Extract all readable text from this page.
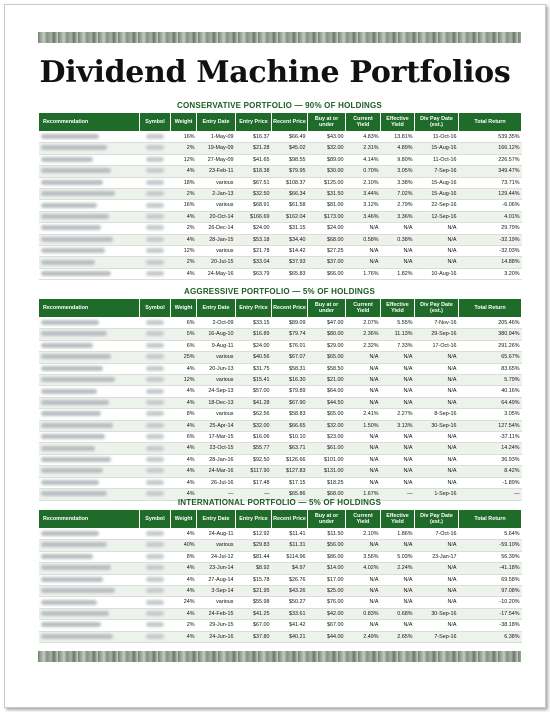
Dividend Machine Portfolios
CONSERVATIVE PORTFOLIO — 90% OF HOLDINGS
Recommendation	Symbol	Weight	Entry Date	Entry Price	Recent Price	Buy at or under	Current Yield	Effective Yield	Div Pay Date (est.)	Total Return
		16%	1-May-09	$16.37	$66.49	$43.00	4.83%	13.81%	11-Oct-16	539.35%
		2%	19-May-09	$21.28	$45.02	$32.00	2.31%	4.89%	15-Aug-16	166.12%
		12%	27-May-09	$41.65	$98.55	$89.00	4.14%	9.80%	11-Oct-16	226.57%
		4%	23-Feb-11	$18.38	$79.95	$30.00	0.70%	3.05%	7-Sep-16	349.47%
		18%	various	$67.51	$108.37	$125.00	2.10%	3.38%	15-Aug-16	73.71%
		2%	2-Jan-13	$32.50	$66.34	$31.50	3.44%	7.02%	15-Aug-16	129.44%
		16%	various	$68.91	$61.58	$81.00	3.12%	2.79%	22-Sep-16	-6.06%
		4%	20-Oct-14	$166.69	$162.04	$173.00	3.46%	3.36%	12-Sep-16	4.01%
		2%	26-Dec-14	$24.00	$31.15	$24.00	N/A	N/A	N/A	29.79%
		4%	28-Jan-15	$53.18	$34.40	$68.00	0.58%	0.38%	N/A	-32.19%
		12%	various	$21.78	$14.42	$27.25	N/A	N/A	N/A	-32.03%
		2%	20-Jul-15	$33.04	$37.93	$37.00	N/A	N/A	N/A	14.88%
		4%	24-May-16	$63.79	$65.83	$66.00	1.76%	1.82%	10-Aug-16	3.20%
AGGRESSIVE PORTFOLIO — 5% OF HOLDINGS
Recommendation	Symbol	Weight	Entry Date	Entry Price	Recent Price	Buy at or under	Current Yield	Effective Yield	Div Pay Date (est.)	Total Return
		6%	2-Oct-09	$33.15	$89.09	$47.00	2.07%	5.55%	7-Nov-16	205.46%
		5%	16-Aug-10	$16.89	$79.74	$80.00	2.36%	11.13%	29-Sep-16	380.94%
		6%	9-Aug-11	$24.00	$76.01	$29.00	2.32%	7.33%	17-Oct-16	291.26%
		25%	various	$40.56	$67.07	$65.00	N/A	N/A	N/A	65.67%
		4%	20-Jun-13	$31.75	$58.31	$58.50	N/A	N/A	N/A	83.65%
		12%	various	$15.41	$16.30	$21.00	N/A	N/A	N/A	5.79%
		4%	24-Sep-13	$57.00	$79.89	$64.00	N/A	N/A	N/A	40.16%
		4%	18-Dec-13	$41.28	$67.90	$44.50	N/A	N/A	N/A	64.49%
		8%	various	$62.56	$58.83	$65.00	2.41%	2.27%	8-Sep-16	3.05%
		4%	25-Apr-14	$32.00	$66.65	$32.00	1.50%	3.13%	30-Sep-16	127.54%
		6%	17-Mar-15	$16.06	$10.10	$23.00	N/A	N/A	N/A	-37.11%
		4%	23-Oct-15	$55.77	$63.71	$61.00	N/A	N/A	N/A	14.24%
		4%	28-Jan-16	$92.50	$126.66	$101.00	N/A	N/A	N/A	36.93%
		4%	24-Mar-16	$117.90	$127.83	$131.00	N/A	N/A	N/A	8.42%
		4%	26-Jul-16	$17.48	$17.15	$18.25	N/A	N/A	N/A	-1.89%
		4%	—	—	$65.86	$68.00	1.67%	—	1-Sep-16	—
INTERNATIONAL PORTFOLIO — 5% OF HOLDINGS
Recommendation	Symbol	Weight	Entry Date	Entry Price	Recent Price	Buy at or under	Current Yield	Effective Yield	Div Pay Date (est.)	Total Return
		4%	24-Aug-11	$12.92	$11.41	$11.50	2.10%	1.86%	7-Oct-16	5.64%
		40%	various	$29.83	$11.31	$56.00	N/A	N/A	N/A	-59.10%
		8%	24-Jul-12	$81.44	$114.96	$86.00	3.56%	5.03%	23-Jan-17	56.39%
		4%	23-Jun-14	$8.92	$4.97	$14.00	4.02%	2.24%	N/A	-41.18%
		4%	27-Aug-14	$15.78	$26.76	$17.00	N/A	N/A	N/A	69.58%
		4%	3-Sep-14	$21.95	$43.26	$25.00	N/A	N/A	N/A	97.08%
		24%	various	$55.98	$50.27	$76.00	N/A	N/A	N/A	-10.20%
		4%	24-Feb-15	$41.25	$33.61	$42.00	0.83%	0.68%	30-Sep-16	-17.54%
		2%	29-Jun-15	$67.00	$41.42	$67.00	N/A	N/A	N/A	-38.18%
		4%	24-Jun-16	$37.80	$40.21	$44.00	2.49%	2.65%	7-Sep-16	6.38%
